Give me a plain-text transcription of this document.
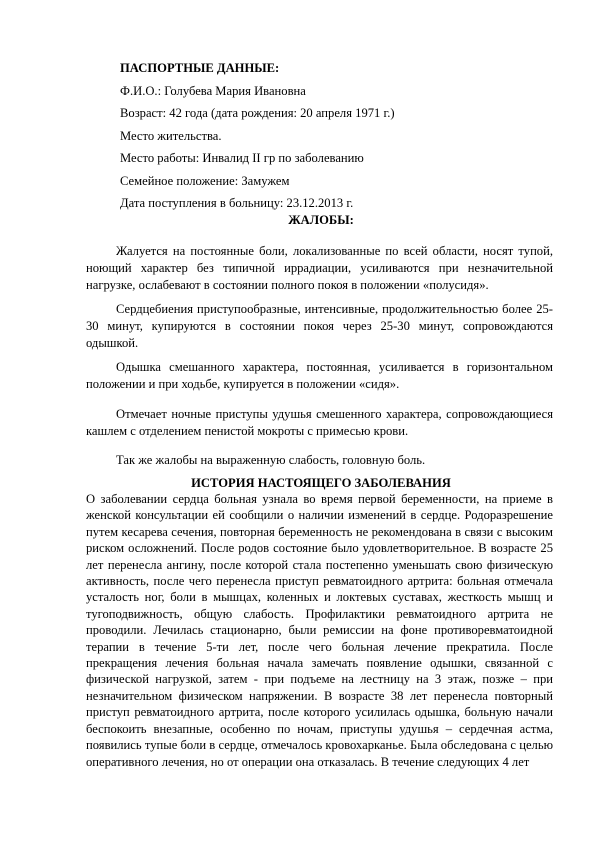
ПАСПОРТНЫЕ ДАННЫЕ:
Ф.И.О.: Голубева Мария Ивановна
Возраст: 42 года (дата рождения: 20 апреля 1971 г.)
Место жительства.
Место работы: Инвалид II гр по заболеванию
Семейное положение: Замужем
Дата поступления в больницу: 23.12.2013 г.
ЖАЛОБЫ:

Жалуется на постоянные боли, локализованные по всей области, носят тупой, ноющий характер без типичной иррадиации, усиливаются при незначительной нагрузке, ослабевают в состоянии полного покоя в положении «полусидя».

Сердцебиения приступообразные, интенсивные, продолжительностью более 25-30 минут, купируются в состоянии покоя через 25-30 минут, сопровождаются одышкой.

Одышка смешанного характера, постоянная, усиливается в горизонтальном положении и при ходьбе, купируется в положении «сидя».

Отмечает ночные приступы удушья смешенного характера, сопровождающиеся кашлем с отделением пенистой мокроты с примесью крови.

Так же жалобы на выраженную слабость, головную боль.

ИСТОРИЯ НАСТОЯЩЕГО ЗАБОЛЕВАНИЯ

О заболевании сердца больная узнала во время первой беременности, на приеме в женской консультации ей сообщили о наличии изменений в сердце. Родоразрешение путем кесарева сечения, повторная беременность не рекомендована в связи с высоким риском осложнений. После родов состояние было удовлетворительное. В возрасте 25 лет перенесла ангину, после которой стала постепенно уменьшать свою физическую активность, после чего перенесла приступ ревматоидного артрита: больная отмечала усталость ног, боли в мышцах, коленных и локтевых суставах, жесткость мышц и тугоподвижность, общую слабость. Профилактики ревматоидного артрита не проводили. Лечилась стационарно, были ремиссии на фоне противоревматоидной терапии в течение 5-ти лет, после чего больная лечение прекратила. После прекращения лечения больная начала замечать появление одышки, связанной с физической нагрузкой, затем - при подъеме на лестницу на 3 этаж, позже – при незначительном физическом напряжении. В возрасте 38 лет перенесла повторный приступ ревматоидного артрита, после которого усилилась одышка, больную начали беспокоить внезапные, особенно по ночам, приступы удушья – сердечная астма, появились тупые боли в сердце, отмечалось кровохарканье. Была обследована с целью оперативного лечения, но от операции она отказалась. В течение следующих 4 лет
